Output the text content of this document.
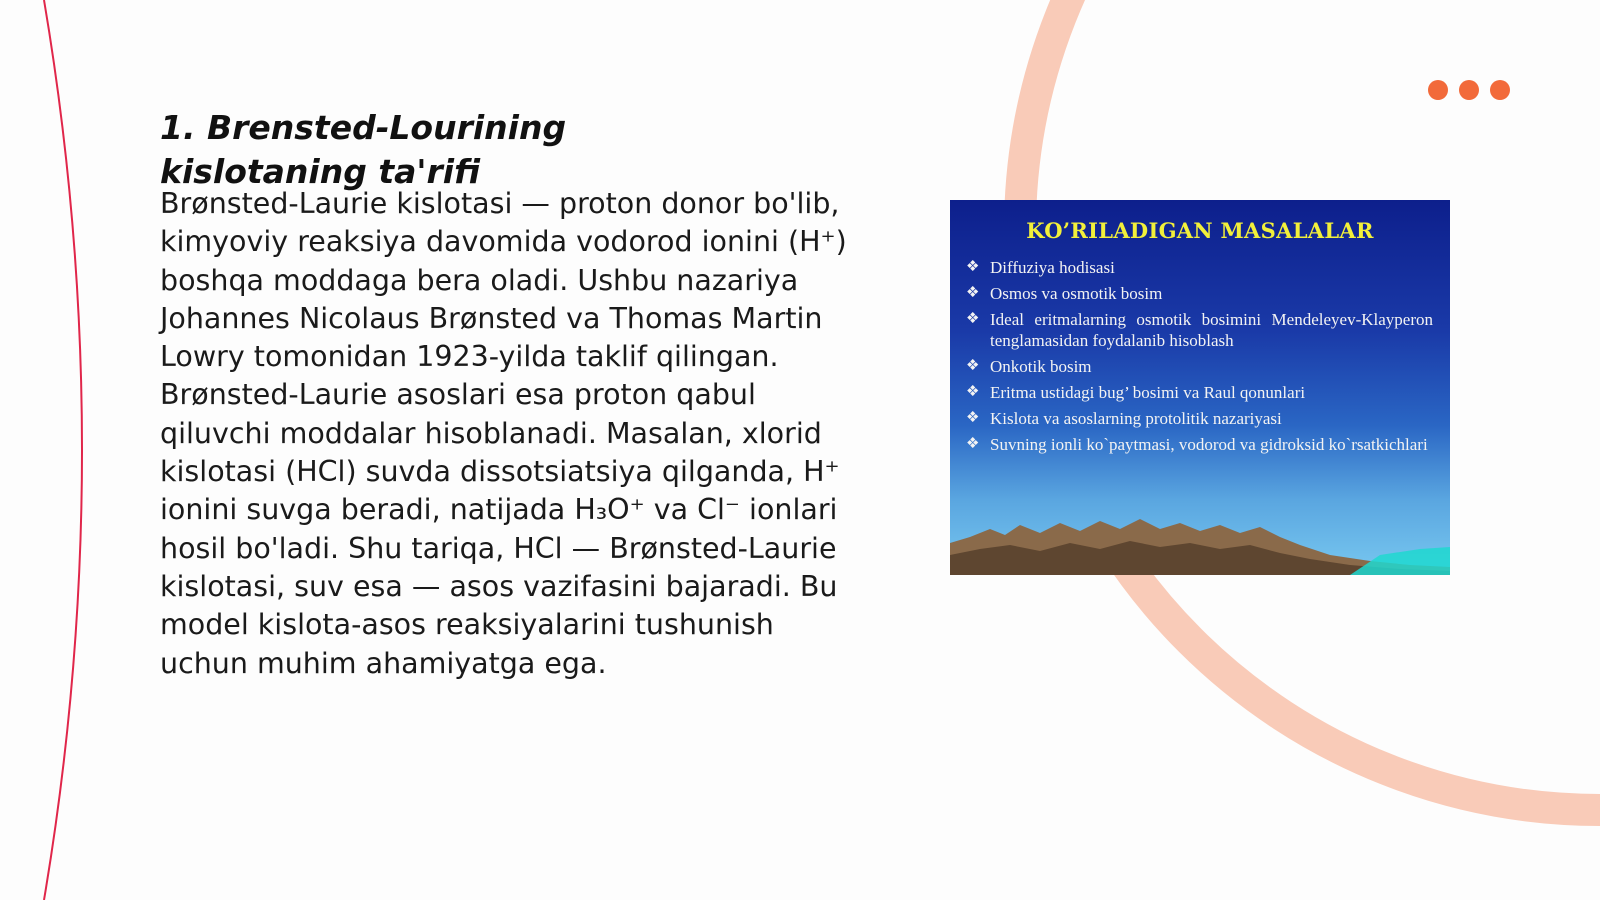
1. Brensted-Lourining kislotaning ta'rifi

Brønsted-Laurie kislotasi — proton donor bo'lib, kimyoviy reaksiya davomida vodorod ionini (H⁺) boshqa moddaga bera oladi. Ushbu nazariya Johannes Nicolaus Brønsted va Thomas Martin Lowry tomonidan 1923-yilda taklif qilingan. Brønsted-Laurie asoslari esa proton qabul qiluvchi moddalar hisoblanadi. Masalan, xlorid kislotasi (HCl) suvda dissotsiatsiya qilganda, H⁺ ionini suvga beradi, natijada H₃O⁺ va Cl⁻ ionlari hosil bo'ladi. Shu tariqa, HCl — Brønsted-Laurie kislotasi, suv esa — asos vazifasini bajaradi. Bu model kislota-asos reaksiyalarini tushunish uchun muhim ahamiyatga ega.

KO’RILADIGAN MASALALAR
❖ Diffuziya hodisasi
❖ Osmos va osmotik bosim
❖ Ideal eritmalarning osmotik bosimini Mendeleyev-Klayperon tenglamasidan foydalanib hisoblash
❖ Onkotik bosim
❖ Eritma ustidagi bug’ bosimi va Raul qonunlari
❖ Kislota va asoslarning protolitik nazariyasi
❖ Suvning ionli ko`paytmasi, vodorod va gidroksid ko`rsatkichlari
